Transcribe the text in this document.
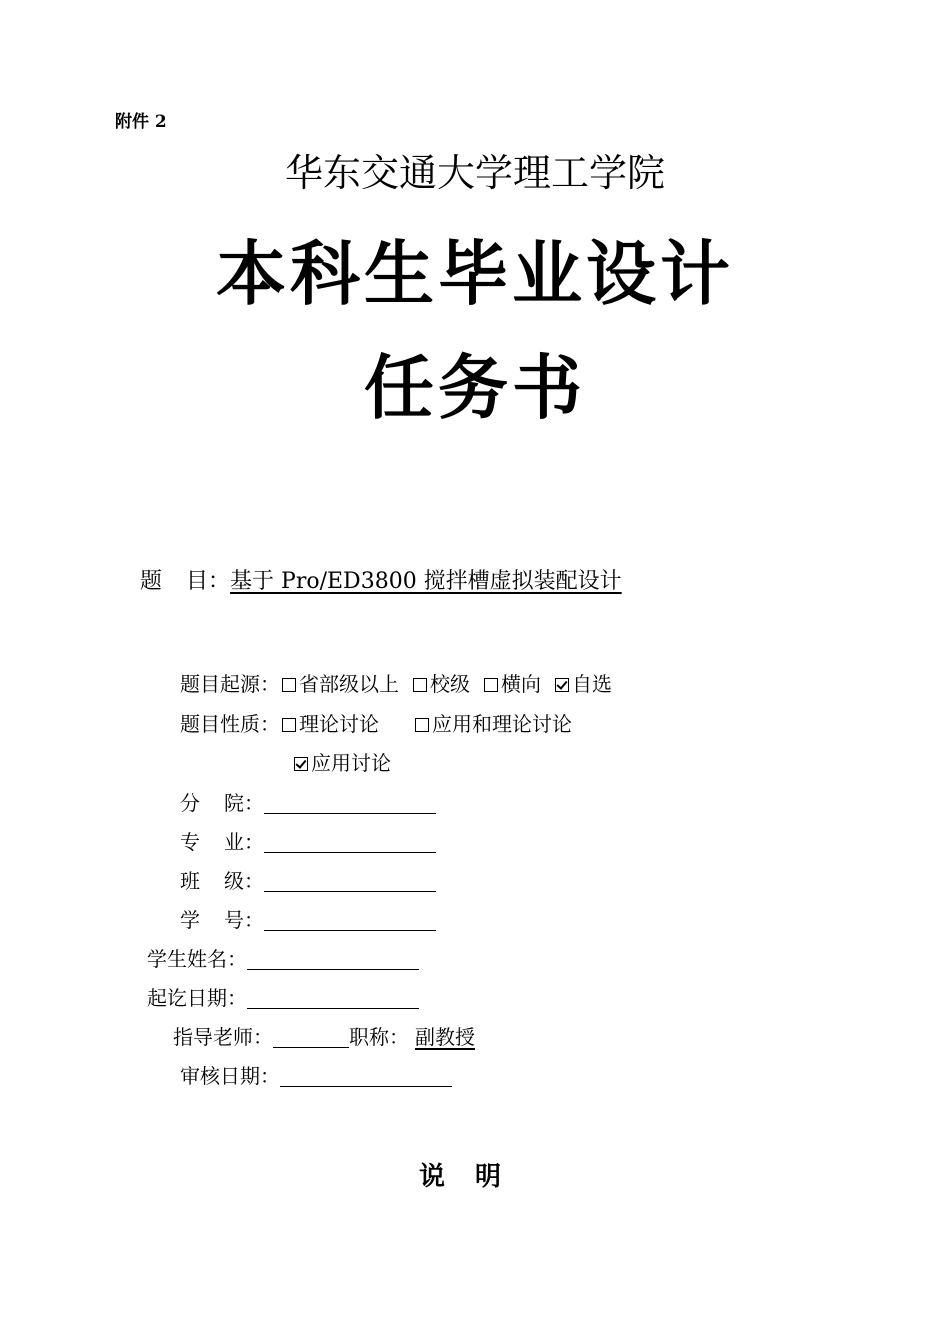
附件 2
华东交通大学理工学院
本科生毕业设计
任务书
题 目：基于 Pro/ED3800 搅拌槽虚拟装配设计
题目起源： 省部级以上 校级 横向 自选
题目性质： 理论讨论	应用和理论讨论
应用讨论
分 院：
专 业：
班 级：
学 号：
学生姓名：
起讫日期：
指导老师：	职称： 副教授
审核日期：
说明
